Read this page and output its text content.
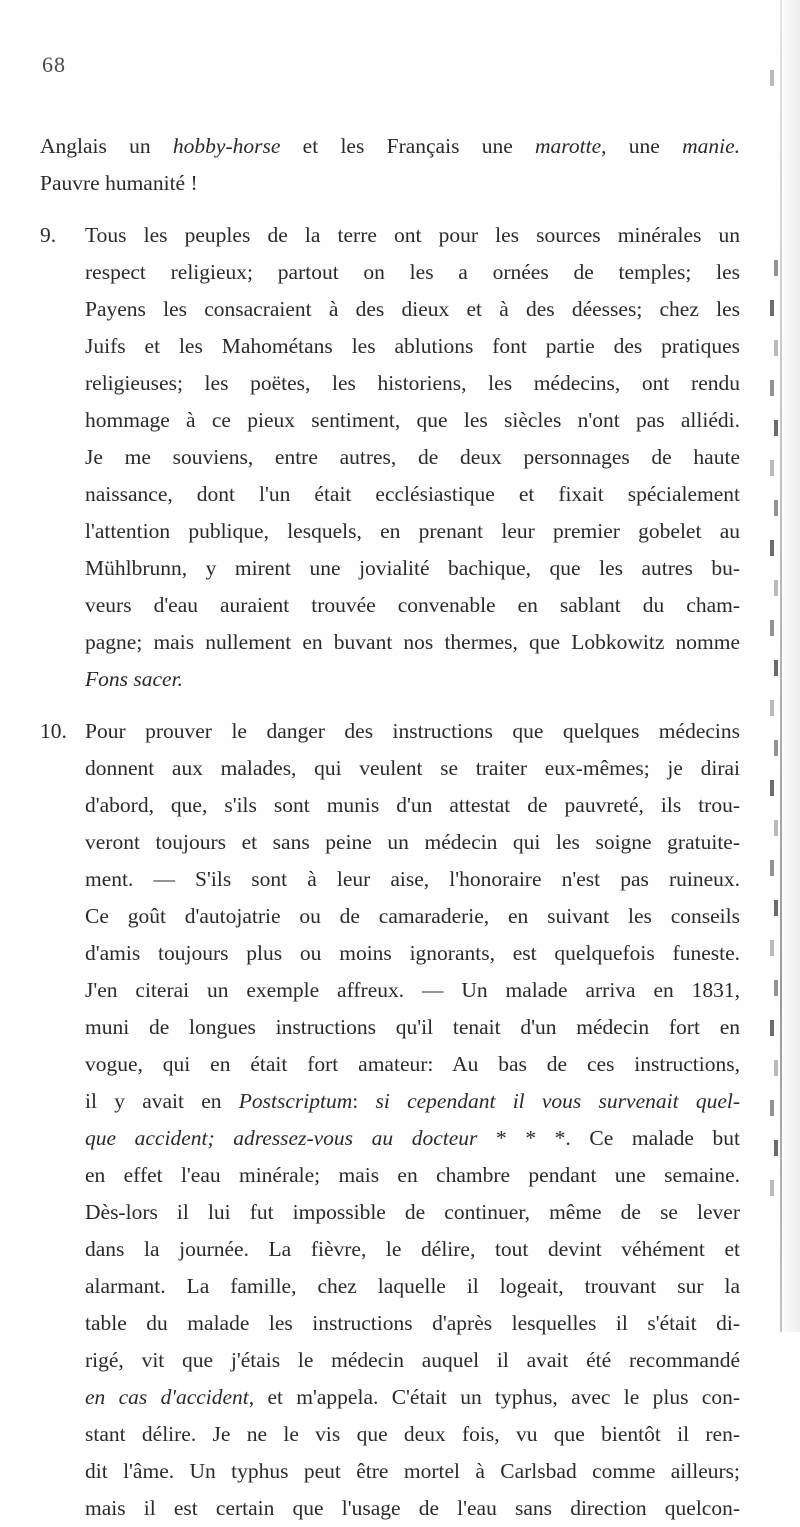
68
Anglais un hobby-horse et les Français une marotte, une manie.
Pauvre humanité !
9. Tous les peuples de la terre ont pour les sources minérales un
respect religieux; partout on les a ornées de temples; les
Payens les consacraient à des dieux et à des déesses; chez les
Juifs et les Mahométans les ablutions font partie des pratiques
religieuses; les poëtes, les historiens, les médecins, ont rendu
hommage à ce pieux sentiment, que les siècles n'ont pas alliédi.
Je me souviens, entre autres, de deux personnages de haute
naissance, dont l'un était ecclésiastique et fixait spécialement
l'attention publique, lesquels, en prenant leur premier gobelet au
Mühlbrunn, y mirent une jovialité bachique, que les autres bu-
veurs d'eau auraient trouvée convenable en sablant du cham-
pagne; mais nullement en buvant nos thermes, que Lobkowitz nomme
Fons sacer.
10. Pour prouver le danger des instructions que quelques médecins
donnent aux malades, qui veulent se traiter eux-mêmes; je dirai
d'abord, que, s'ils sont munis d'un attestat de pauvreté, ils trou-
veront toujours et sans peine un médecin qui les soigne gratuite-
ment. — S'ils sont à leur aise, l'honoraire n'est pas ruineux.
Ce goût d'autojatrie ou de camaraderie, en suivant les conseils
d'amis toujours plus ou moins ignorants, est quelquefois funeste.
J'en citerai un exemple affreux. — Un malade arriva en 1831,
muni de longues instructions qu'il tenait d'un médecin fort en
vogue, qui en était fort amateur: Au bas de ces instructions,
il y avait en Postscriptum: si cependant il vous survenait quel-
que accident; adressez-vous au docteur * * *. Ce malade but
en effet l'eau minérale; mais en chambre pendant une semaine.
Dès-lors il lui fut impossible de continuer, même de se lever
dans la journée. La fièvre, le délire, tout devint véhément et
alarmant. La famille, chez laquelle il logeait, trouvant sur la
table du malade les instructions d'après lesquelles il s'était di-
rigé, vit que j'étais le médecin auquel il avait été recommandé
en cas d'accident, et m'appela. C'était un typhus, avec le plus con-
stant délire. Je ne le vis que deux fois, vu que bientôt il ren-
dit l'âme. Un typhus peut être mortel à Carlsbad comme ailleurs;
mais il est certain que l'usage de l'eau sans direction quelcon-
